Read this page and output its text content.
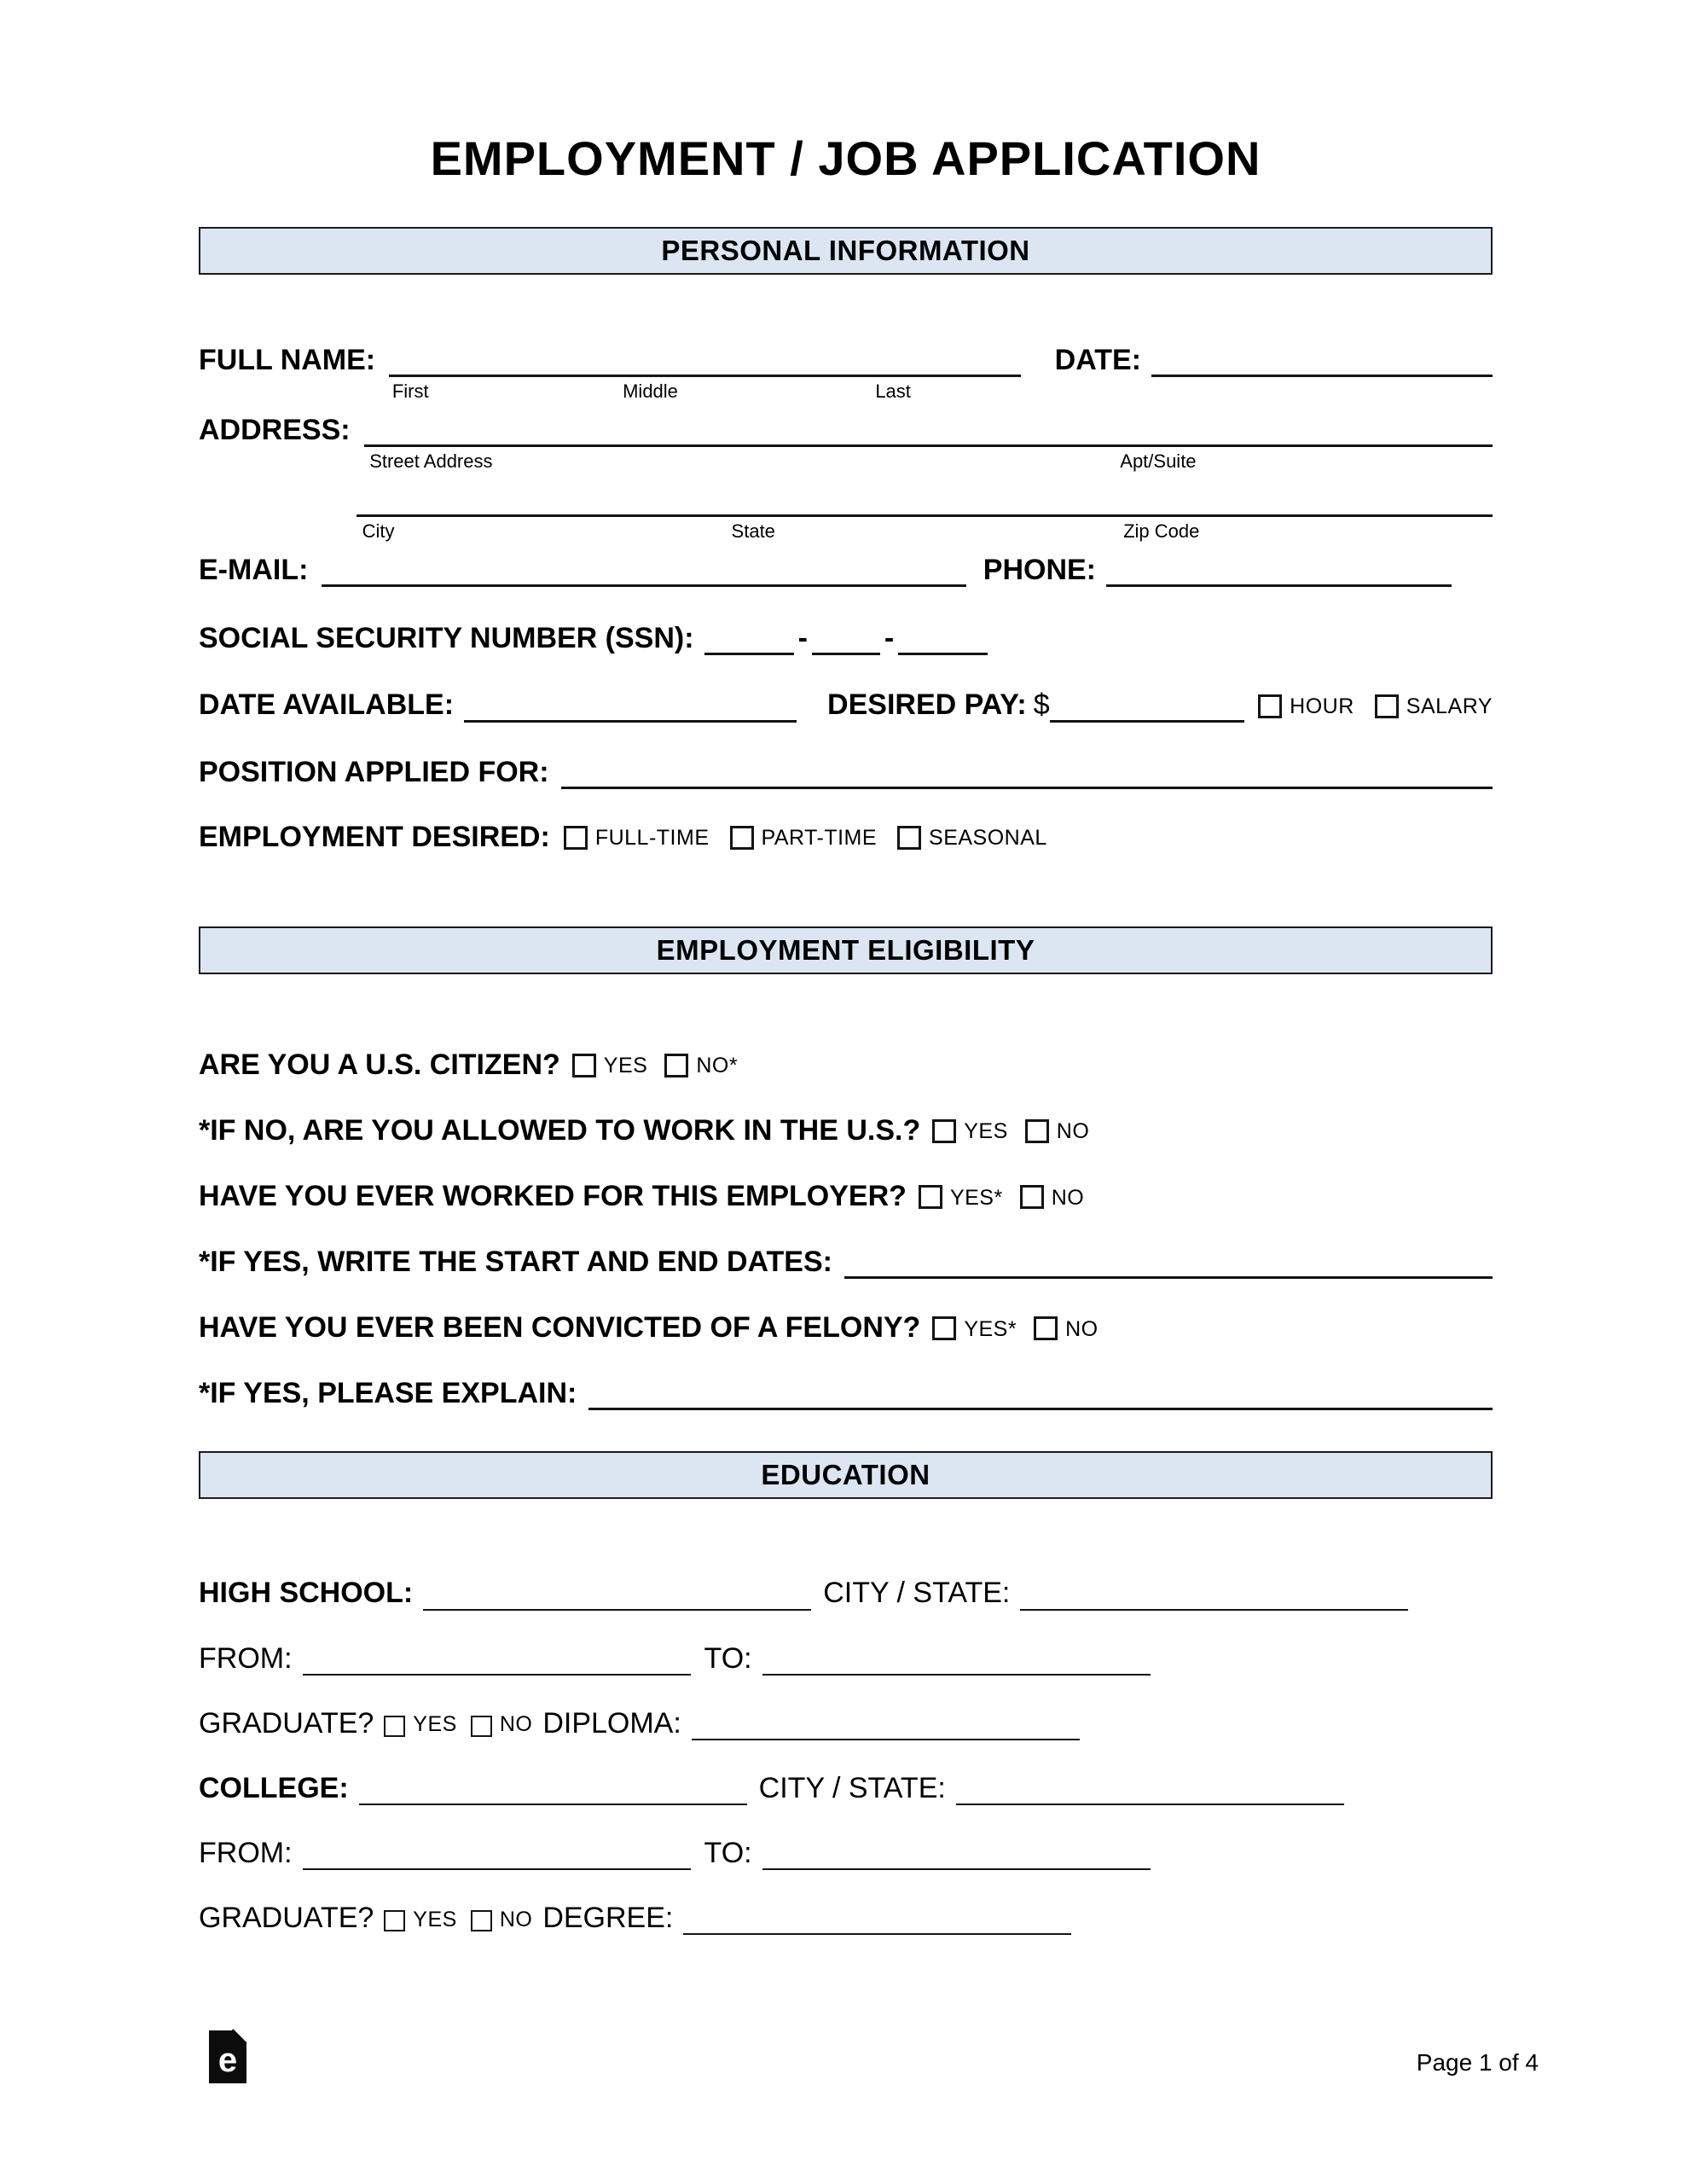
EMPLOYMENT / JOB APPLICATION
PERSONAL INFORMATION
FULL NAME:
First	Middle	Last
DATE:
ADDRESS:
Street Address	Apt/Suite
City	State	Zip Code
E-MAIL:	PHONE:
SOCIAL SECURITY NUMBER (SSN):	-	-
DATE AVAILABLE:	DESIRED PAY: $	HOUR SALARY
POSITION APPLIED FOR:
EMPLOYMENT DESIRED: FULL-TIME PART-TIME SEASONAL
EMPLOYMENT ELIGIBILITY
ARE YOU A U.S. CITIZEN? YES NO*
*IF NO, ARE YOU ALLOWED TO WORK IN THE U.S.? YES NO
HAVE YOU EVER WORKED FOR THIS EMPLOYER? YES* NO
*IF YES, WRITE THE START AND END DATES:
HAVE YOU EVER BEEN CONVICTED OF A FELONY? YES* NO
*IF YES, PLEASE EXPLAIN:
EDUCATION
HIGH SCHOOL:	CITY / STATE:
FROM:	TO:
GRADUATE? YES NO DIPLOMA:
COLLEGE:	CITY / STATE:
FROM:	TO:
GRADUATE? YES NO DEGREE:
e	Page 1 of 4
